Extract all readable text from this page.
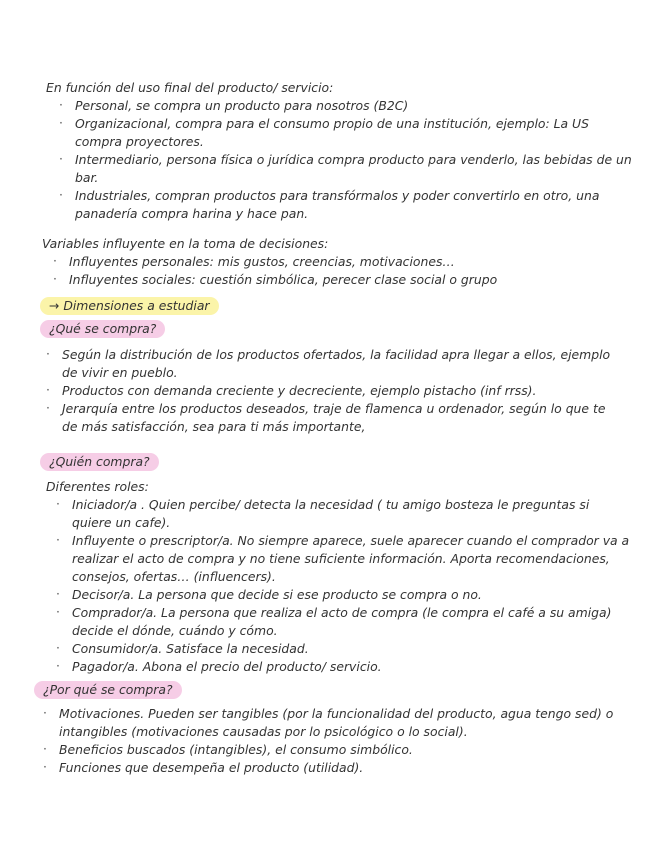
En función del uso final del producto/ servicio:
· Personal, se compra un producto para nosotros (B2C)
· Organizacional, compra para el consumo propio de una institución, ejemplo: La US compra proyectores.
· Intermediario, persona física o jurídica compra producto para venderlo, las bebidas de un bar.
· Industriales, compran productos para transfórmalos y poder convertirlo en otro, una panadería compra harina y hace pan.
Variables influyente en la toma de decisiones:
· Influyentes personales: mis gustos, creencias, motivaciones…
· Influyentes sociales: cuestión simbólica, perecer clase social o grupo
→ Dimensiones a estudiar
¿Qué se compra?
· Según la distribución de los productos ofertados, la facilidad apra llegar a ellos, ejemplo de vivir en pueblo.
· Productos con demanda creciente y decreciente, ejemplo pistacho (inf rrss).
· Jerarquía entre los productos deseados, traje de flamenca u ordenador, según lo que te de más satisfacción, sea para ti más importante,
¿Quién compra?
Diferentes roles:
· Iniciador/a . Quien percibe/ detecta la necesidad ( tu amigo bosteza le preguntas si quiere un cafe).
· Influyente o prescriptor/a. No siempre aparece, suele aparecer cuando el comprador va a realizar el acto de compra y no tiene suficiente información. Aporta recomendaciones, consejos, ofertas… (influencers).
· Decisor/a. La persona que decide si ese producto se compra o no.
· Comprador/a. La persona que realiza el acto de compra (le compra el café a su amiga) decide el dónde, cuándo y cómo.
· Consumidor/a. Satisface la necesidad.
· Pagador/a. Abona el precio del producto/ servicio.
¿Por qué se compra?
· Motivaciones. Pueden ser tangibles (por la funcionalidad del producto, agua tengo sed) o intangibles (motivaciones causadas por lo psicológico o lo social).
· Beneficios buscados (intangibles), el consumo simbólico.
· Funciones que desempeña el producto (utilidad).
